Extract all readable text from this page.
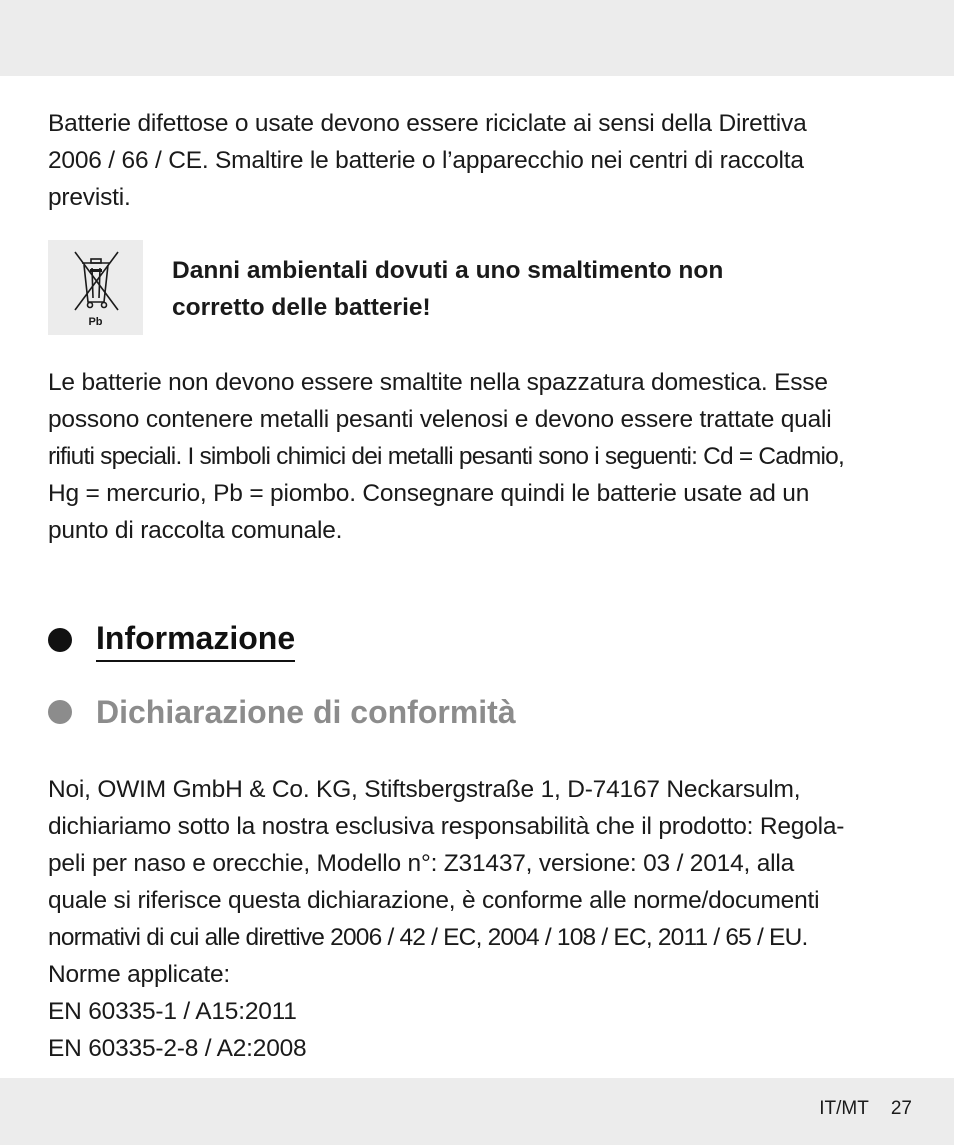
Batterie difettose o usate devono essere riciclate ai sensi della Direttiva
2006 / 66 / CE. Smaltire le batterie o l’apparecchio nei centri di raccolta
previsti.
Pb
Danni ambientali dovuti a uno smaltimento non
corretto delle batterie!
Le batterie non devono essere smaltite nella spazzatura domestica. Esse
possono contenere metalli pesanti velenosi e devono essere trattate quali
rifiuti speciali. I simboli chimici dei metalli pesanti sono i seguenti: Cd = Cadmio,
Hg = mercurio, Pb = piombo. Consegnare quindi le batterie usate ad un
punto di raccolta comunale.
Informazione
Dichiarazione di conformità
Noi, OWIM GmbH & Co. KG, Stiftsbergstraße 1, D-74167 Neckarsulm,
dichiariamo sotto la nostra esclusiva responsabilità che il prodotto: Regola-
peli per naso e orecchie, Modello n°: Z31437, versione: 03 / 2014, alla
quale si riferisce questa dichiarazione, è conforme alle norme/documenti
normativi di cui alle direttive 2006 / 42 / EC, 2004 / 108 / EC, 2011 / 65 / EU.
Norme applicate:
EN 60335-1 / A15:2011
EN 60335-2-8 / A2:2008
IT/MT 27
